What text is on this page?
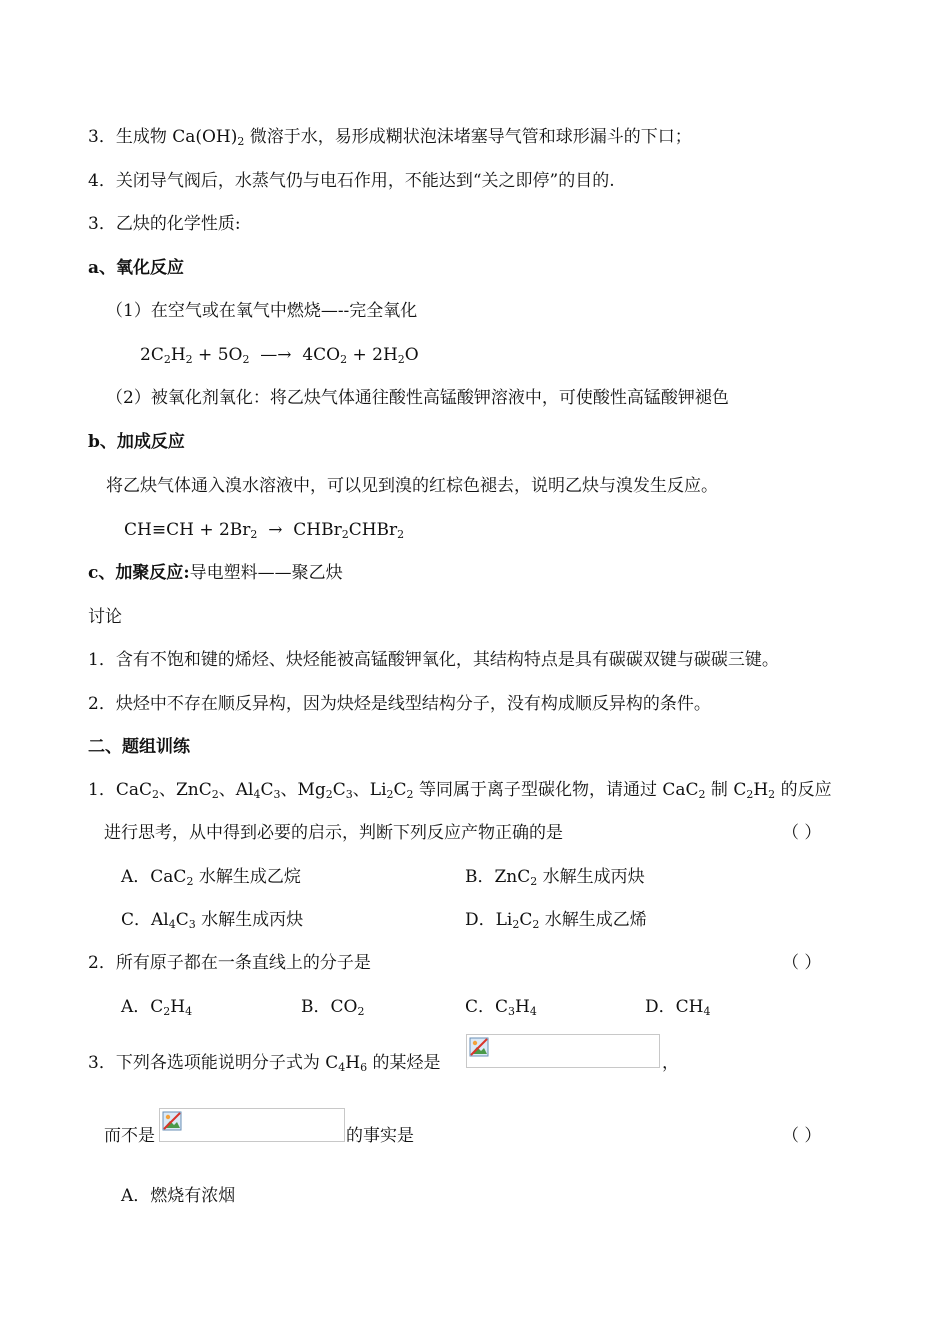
3．生成物 $Ca(OH)_2$ 微溶于水，易形成糊状泡沫堵塞导气管和球形漏斗的下口；
4．关闭导气阀后，水蒸气仍与电石作用，不能达到“关之即停”的目的.
3．乙炔的化学性质:
a、氧化反应
（1）在空气或在氧气中燃烧—--完全氧化
$2C_2H_2 + 5O_2$  —→  $4CO_2 + 2H_2O$
（2）被氧化剂氧化：将乙炔气体通往酸性高锰酸钾溶液中，可使酸性高锰酸钾褪色
b、加成反应
将乙炔气体通入溴水溶液中，可以见到溴的红棕色褪去，说明乙炔与溴发生反应。
$CH\equiv CH + 2Br_2$  →  CHBr$_2$CHBr$_2$
c、加聚反应:导电塑料——聚乙炔
讨论
1．含有不饱和键的烯烃、炔烃能被高锰酸钾氧化，其结构特点是具有碳碳双键与碳碳三键。
2．炔烃中不存在顺反异构，因为炔烃是线型结构分子，没有构成顺反异构的条件。
二、题组训练
1．CaC$_2$、ZnC$_2$、$Al_4C_3$、$Mg_2C_3$、$Li_2C_2$ 等同属于离子型碳化物，请通过 CaC$_2$ 制 $C_2H_2$ 的反应
进行思考，从中得到必要的启示，判断下列反应产物正确的是	（ ）
A．CaC$_2$ 水解生成乙烷	B．ZnC$_2$ 水解生成丙炔
C．$Al_4C_3$ 水解生成丙炔	D．$Li_2C_2$ 水解生成乙烯
2．所有原子都在一条直线上的分子是	（ ）
A．$C_2H_4$	B．$CO_2$	C．$C_3H_4$	D．$CH_4$
3．下列各选项能说明分子式为 $C_4H_6$ 的某烃是	，
而不是	的事实是	（ ）
A．燃烧有浓烟
